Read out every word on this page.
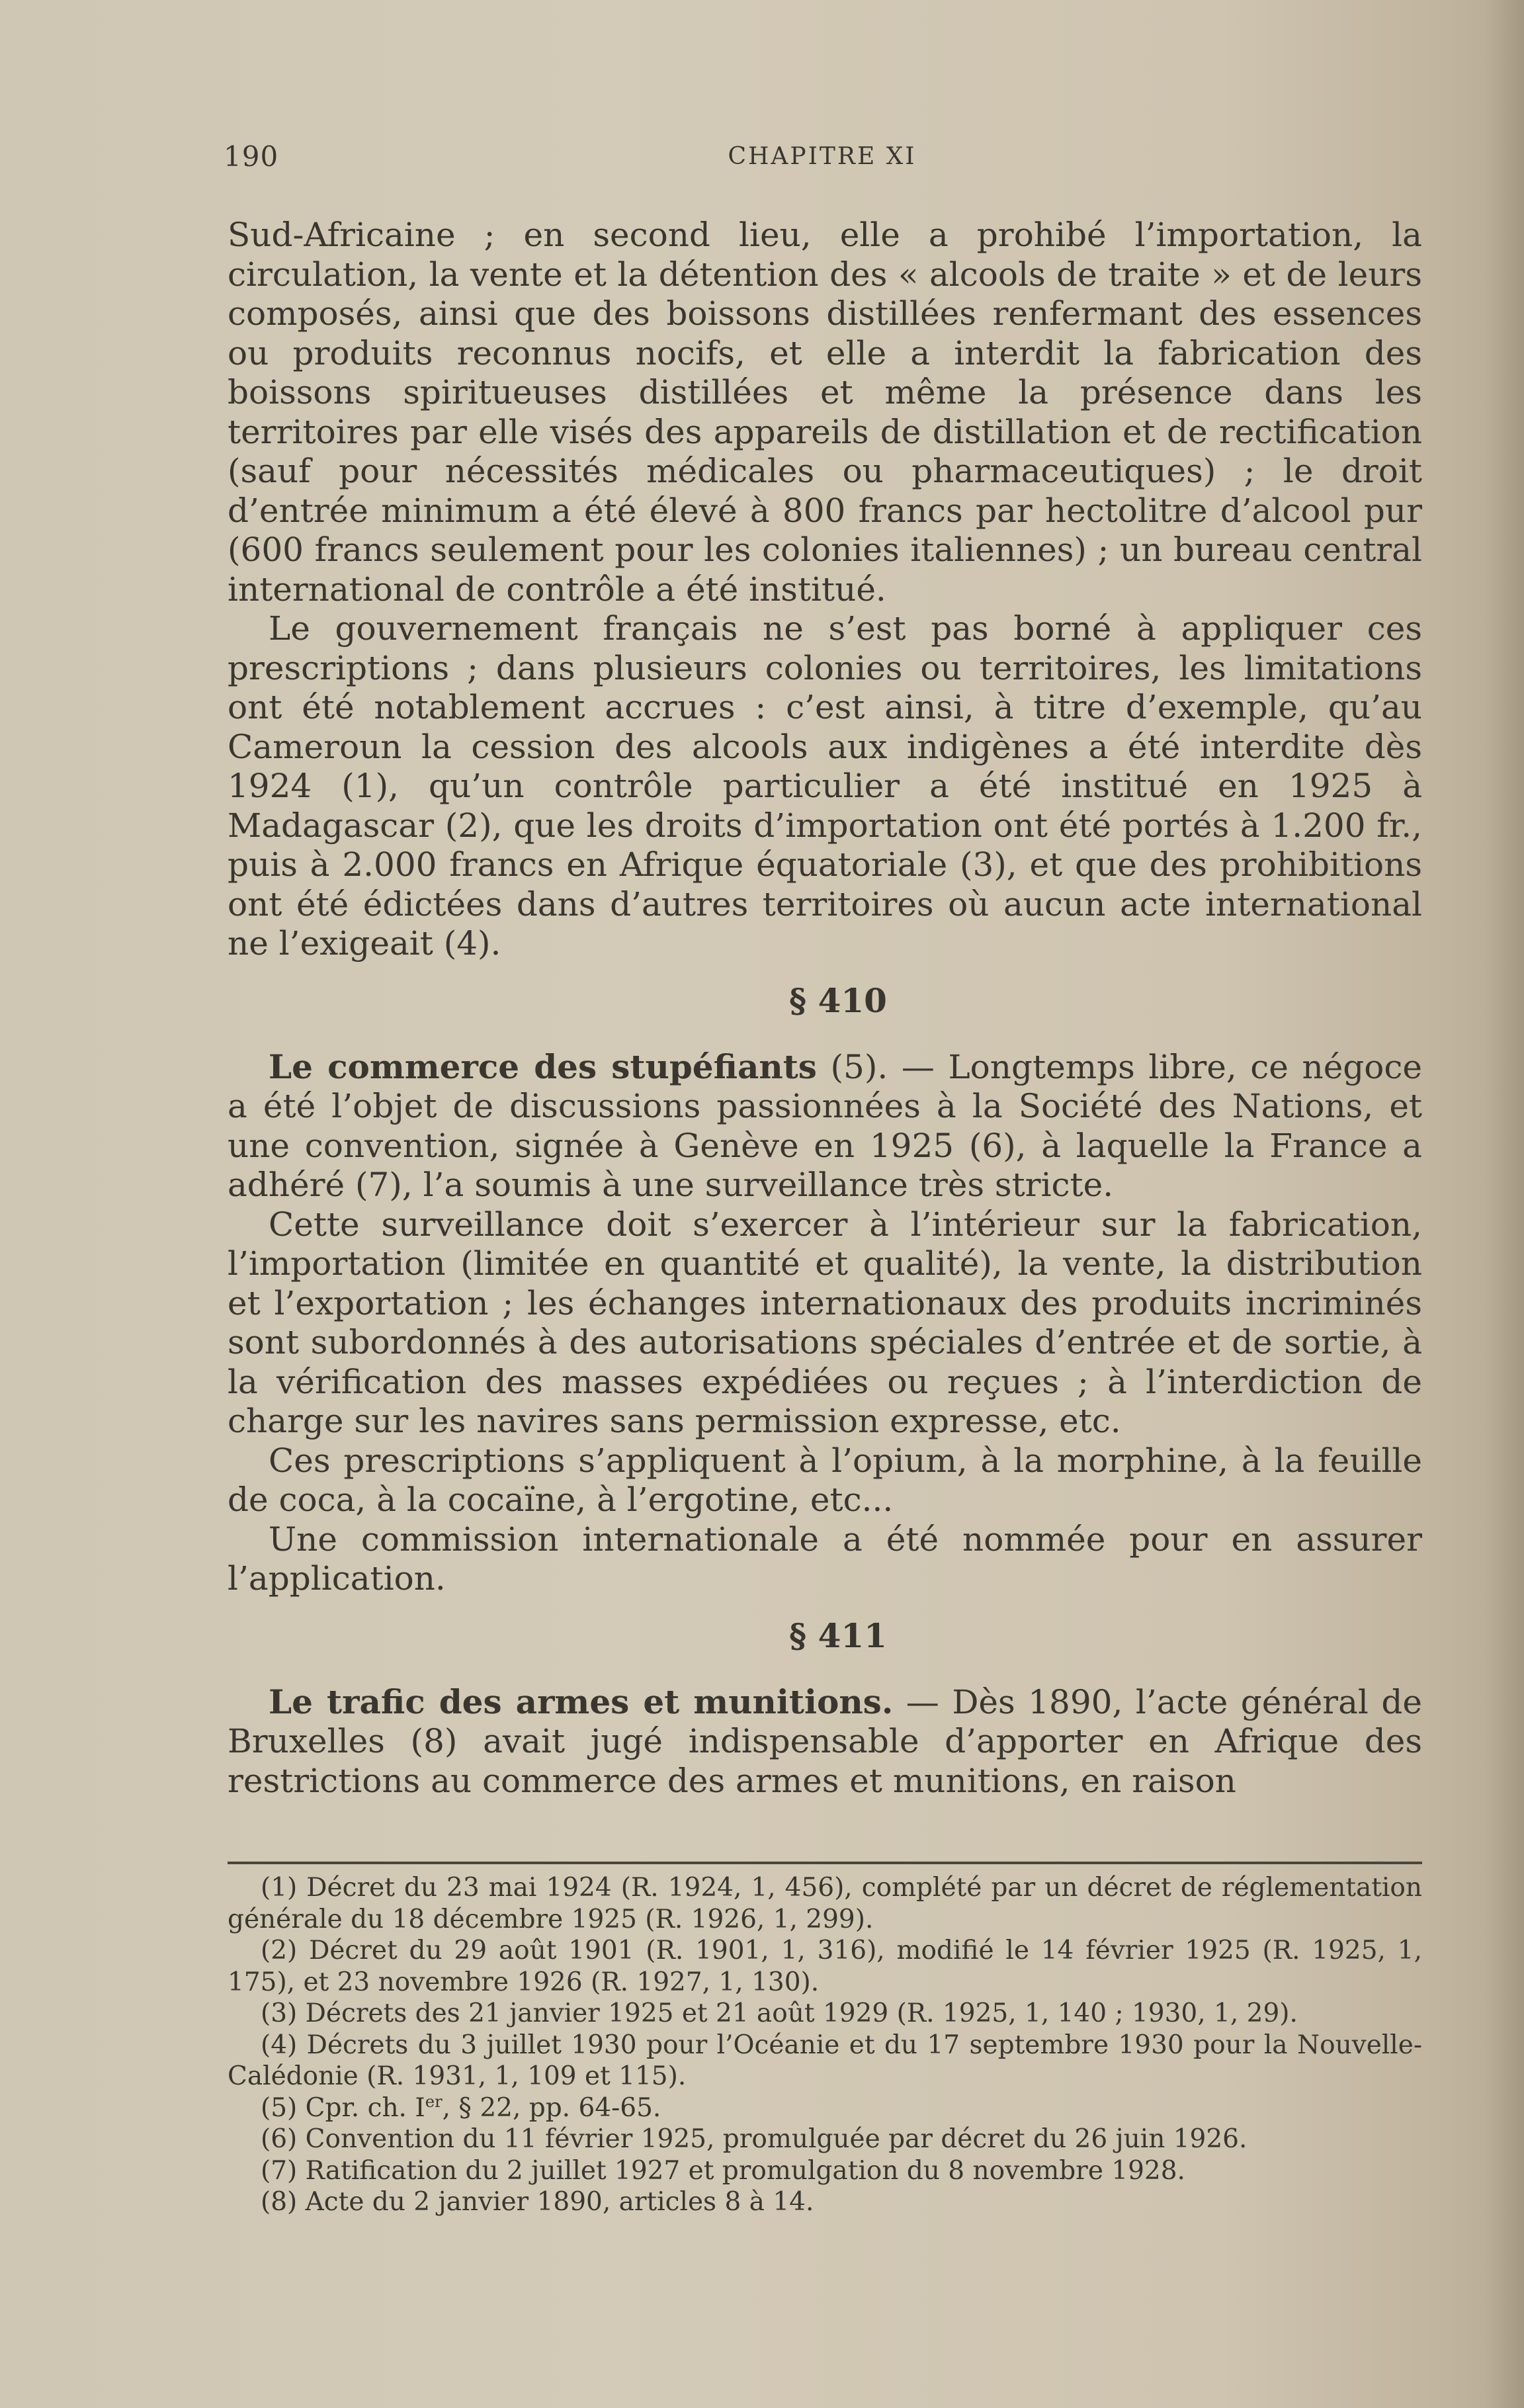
190	CHAPITRE XI

Sud-Africaine ; en second lieu, elle a prohibé l’importation, la circulation, la vente et la détention des « alcools de traite » et de leurs composés, ainsi que des boissons distillées renfermant des essences ou produits reconnus nocifs, et elle a interdit la fabrication des boissons spiritueuses distillées et même la présence dans les territoires par elle visés des appareils de distillation et de rectification (sauf pour nécessités médicales ou pharmaceutiques) ; le droit d’entrée minimum a été élevé à 800 francs par hectolitre d’alcool pur (600 francs seulement pour les colonies italiennes) ; un bureau central international de contrôle a été institué.

Le gouvernement français ne s’est pas borné à appliquer ces prescriptions ; dans plusieurs colonies ou territoires, les limitations ont été notablement accrues : c’est ainsi, à titre d’exemple, qu’au Cameroun la cession des alcools aux indigènes a été interdite dès 1924 (1), qu’un contrôle particulier a été institué en 1925 à Madagascar (2), que les droits d’importation ont été portés à 1.200 fr., puis à 2.000 francs en Afrique équatoriale (3), et que des prohibitions ont été édictées dans d’autres territoires où aucun acte international ne l’exigeait (4).

§ 410

Le commerce des stupéfiants (5). — Longtemps libre, ce négoce a été l’objet de discussions passionnées à la Société des Nations, et une convention, signée à Genève en 1925 (6), à laquelle la France a adhéré (7), l’a soumis à une surveillance très stricte.

Cette surveillance doit s’exercer à l’intérieur sur la fabrication, l’importation (limitée en quantité et qualité), la vente, la distribution et l’exportation ; les échanges internationaux des produits incriminés sont subordonnés à des autorisations spéciales d’entrée et de sortie, à la vérification des masses expédiées ou reçues ; à l’interdiction de charge sur les navires sans permission expresse, etc.

Ces prescriptions s’appliquent à l’opium, à la morphine, à la feuille de coca, à la cocaïne, à l’ergotine, etc...

Une commission internationale a été nommée pour en assurer l’application.

§ 411

Le trafic des armes et munitions. — Dès 1890, l’acte général de Bruxelles (8) avait jugé indispensable d’apporter en Afrique des restrictions au commerce des armes et munitions, en raison

(1) Décret du 23 mai 1924 (R. 1924, 1, 456), complété par un décret de réglementation générale du 18 décembre 1925 (R. 1926, 1, 299).

(2) Décret du 29 août 1901 (R. 1901, 1, 316), modifié le 14 février 1925 (R. 1925, 1, 175), et 23 novembre 1926 (R. 1927, 1, 130).

(3) Décrets des 21 janvier 1925 et 21 août 1929 (R. 1925, 1, 140 ; 1930, 1, 29).

(4) Décrets du 3 juillet 1930 pour l’Océanie et du 17 septembre 1930 pour la Nouvelle-Calédonie (R. 1931, 1, 109 et 115).

(5) Cpr. ch. Ier, § 22, pp. 64-65.

(6) Convention du 11 février 1925, promulguée par décret du 26 juin 1926.

(7) Ratification du 2 juillet 1927 et promulgation du 8 novembre 1928.

(8) Acte du 2 janvier 1890, articles 8 à 14.
